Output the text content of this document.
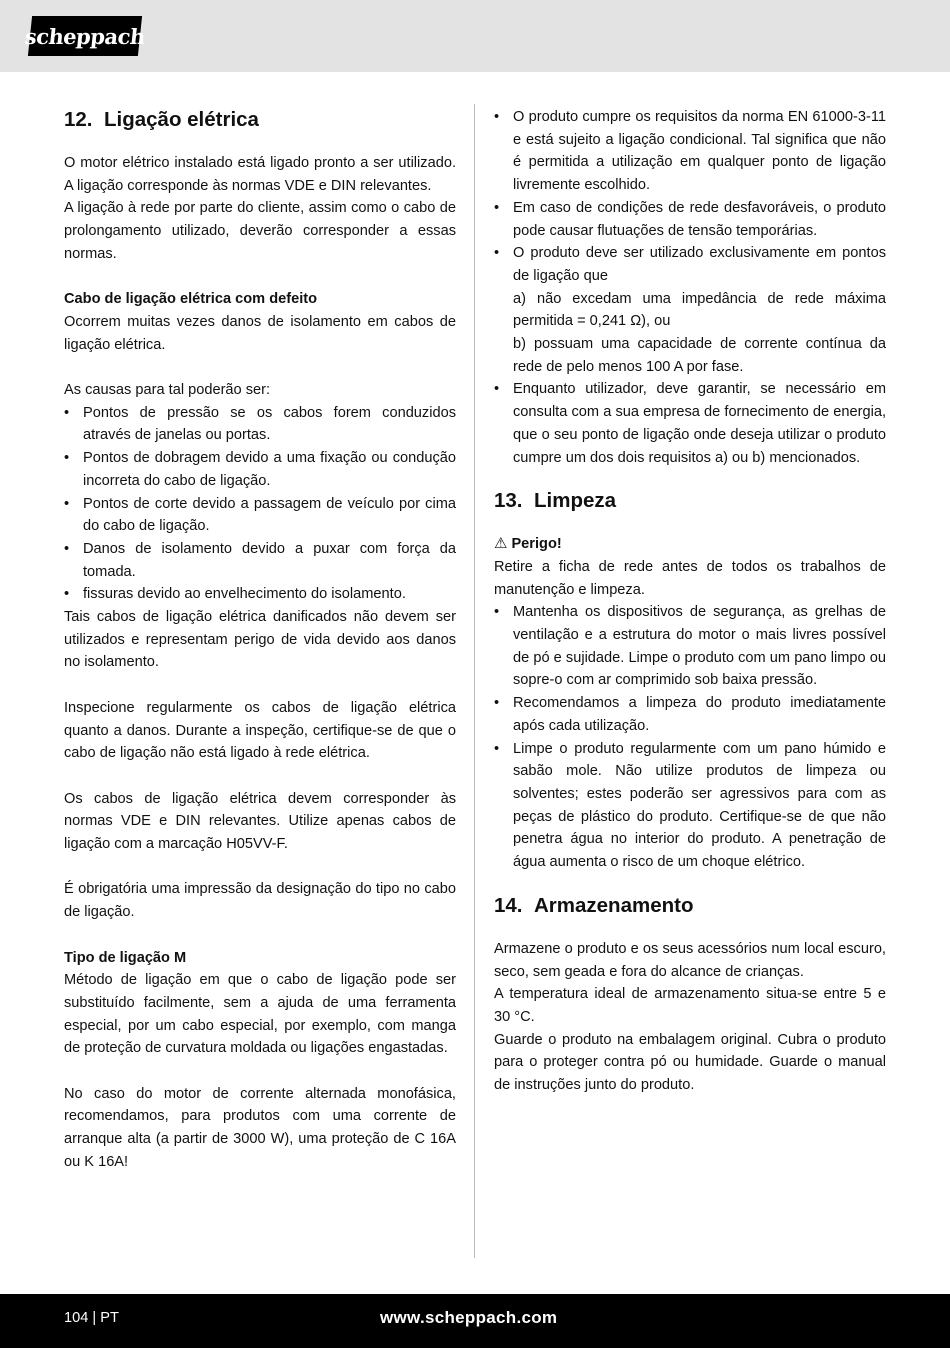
scheppach
12. Ligação elétrica

O motor elétrico instalado está ligado pronto a ser utilizado. A ligação corresponde às normas VDE e DIN relevantes.

A ligação à rede por parte do cliente, assim como o cabo de prolongamento utilizado, deverão corresponder a essas normas.

Cabo de ligação elétrica com defeito

Ocorrem muitas vezes danos de isolamento em cabos de ligação elétrica.

As causas para tal poderão ser:

• Pontos de pressão se os cabos forem conduzidos através de janelas ou portas.
• Pontos de dobragem devido a uma fixação ou condução incorreta do cabo de ligação.
• Pontos de corte devido a passagem de veículo por cima do cabo de ligação.
• Danos de isolamento devido a puxar com força da tomada.
• fissuras devido ao envelhecimento do isolamento.

Tais cabos de ligação elétrica danificados não devem ser utilizados e representam perigo de vida devido aos danos no isolamento.

Inspecione regularmente os cabos de ligação elétrica quanto a danos. Durante a inspeção, certifique-se de que o cabo de ligação não está ligado à rede elétrica.

Os cabos de ligação elétrica devem corresponder às normas VDE e DIN relevantes. Utilize apenas cabos de ligação com a marcação H05VV-F.

É obrigatória uma impressão da designação do tipo no cabo de ligação.

Tipo de ligação M

Método de ligação em que o cabo de ligação pode ser substituído facilmente, sem a ajuda de uma ferramenta especial, por um cabo especial, por exemplo, com manga de proteção de curvatura moldada ou ligações engastadas.

No caso do motor de corrente alternada monofásica, recomendamos, para produtos com uma corrente de arranque alta (a partir de 3000 W), uma proteção de C 16A ou K 16A!

• O produto cumpre os requisitos da norma EN 61000-3-11 e está sujeito a ligação condicional. Tal significa que não é permitida a utilização em qualquer ponto de ligação livremente escolhido.
• Em caso de condições de rede desfavoráveis, o produto pode causar flutuações de tensão temporárias.
• O produto deve ser utilizado exclusivamente em pontos de ligação que
a) não excedam uma impedância de rede máxima permitida = 0,241 Ω), ou
b) possuam uma capacidade de corrente contínua da rede de pelo menos 100 A por fase.
• Enquanto utilizador, deve garantir, se necessário em consulta com a sua empresa de fornecimento de energia, que o seu ponto de ligação onde deseja utilizar o produto cumpre um dos dois requisitos a) ou b) mencionados.
13. Limpeza
⚠ Perigo!

Retire a ficha de rede antes de todos os trabalhos de manutenção e limpeza.

• Mantenha os dispositivos de segurança, as grelhas de ventilação e a estrutura do motor o mais livres possível de pó e sujidade. Limpe o produto com um pano limpo ou sopre-o com ar comprimido sob baixa pressão.
• Recomendamos a limpeza do produto imediatamente após cada utilização.
• Limpe o produto regularmente com um pano húmido e sabão mole. Não utilize produtos de limpeza ou solventes; estes poderão ser agressivos para com as peças de plástico do produto. Certifique-se de que não penetra água no interior do produto. A penetração de água aumenta o risco de um choque elétrico.
14. Armazenamento

Armazene o produto e os seus acessórios num local escuro, seco, sem geada e fora do alcance de crianças.

A temperatura ideal de armazenamento situa-se entre 5 e 30 °C.

Guarde o produto na embalagem original. Cubra o produto para o proteger contra pó ou humidade. Guarde o manual de instruções junto do produto.

104 | PT	www.scheppach.com
